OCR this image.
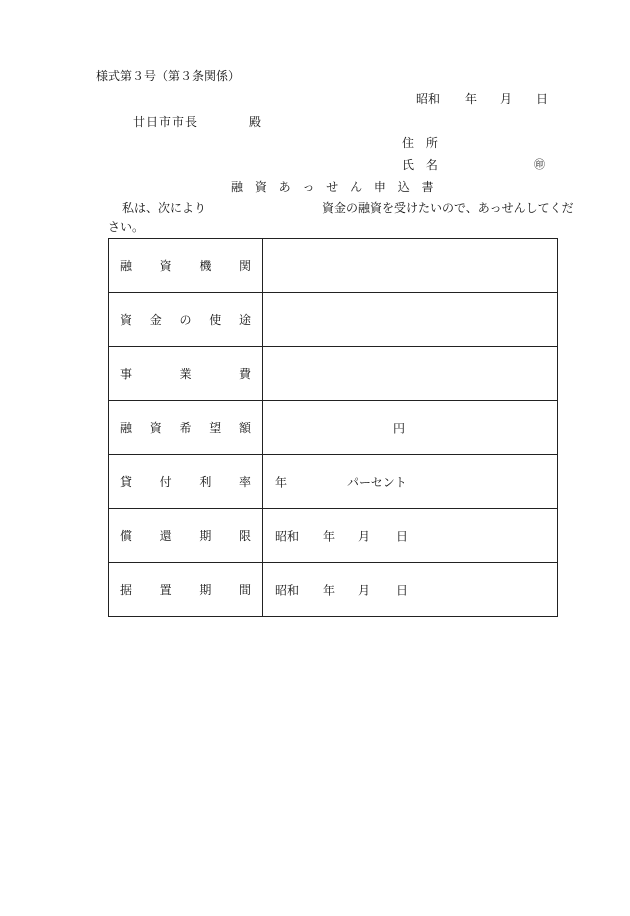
様式第３号（第３条関係）
昭和 年 月 日
廿日市市長	殿
住 所
氏 名	㊞
融 資 あ っ せ ん 申 込 書
私は、次により	資金の融資を受けたいので、あっせんしてくだ
さい。
融 資 機 関	

資 金 の 使 途	

事 業 費	

融 資 希 望 額	円

貸 付 利 率	年 パーセント

償 還 期 限	昭和 年 月 日

据 置 期 間	昭和 年 月 日
